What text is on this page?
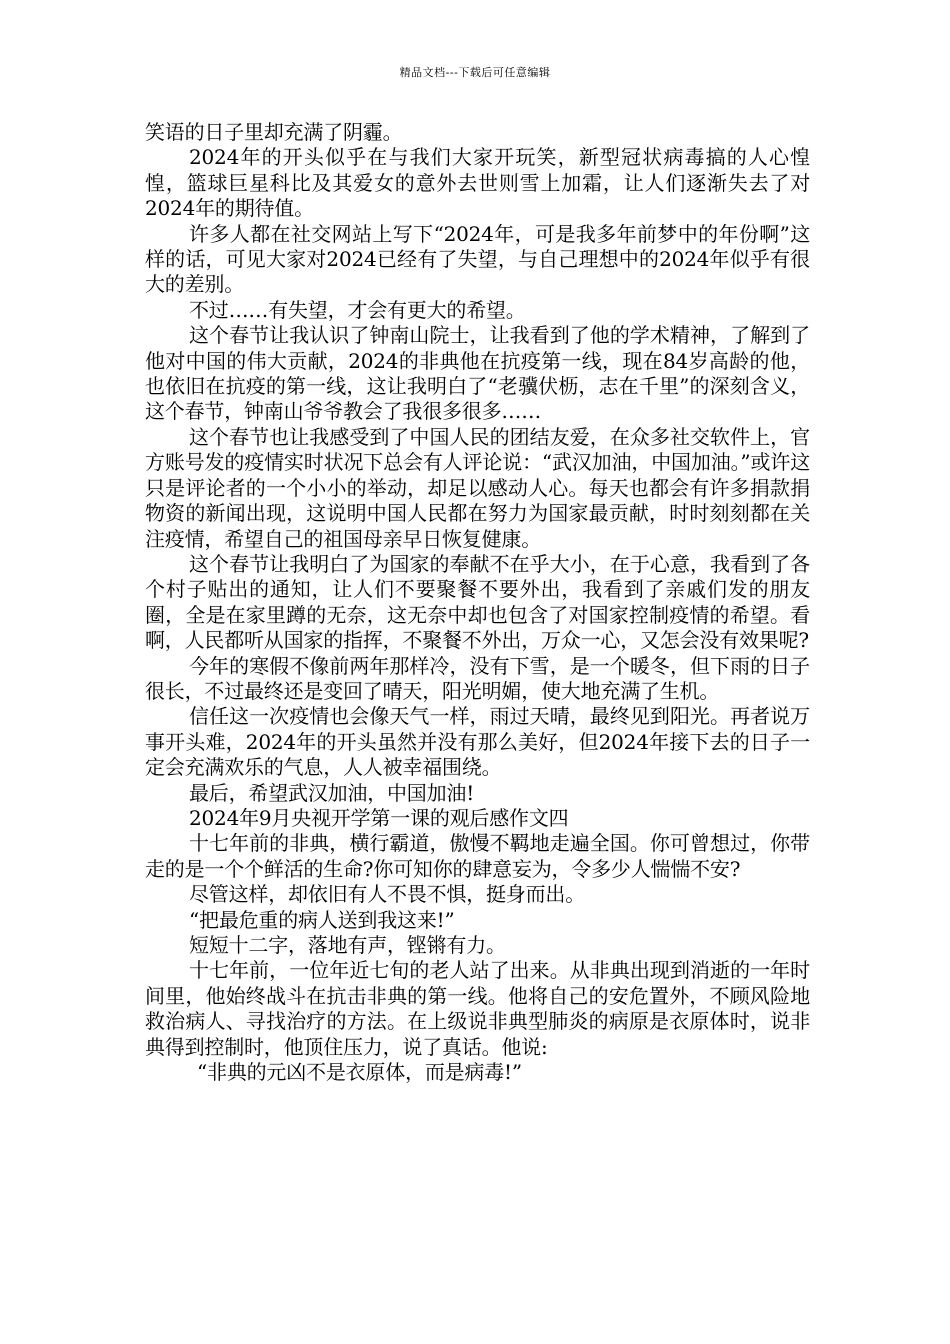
精品文档---下载后可任意编辑

笑语的日子里却充满了阴霾。

2024年的开头似乎在与我们大家开玩笑，新型冠状病毒搞的人心惶惶，篮球巨星科比及其爱女的意外去世则雪上加霜，让人们逐渐失去了对2024年的期待值。

许多人都在社交网站上写下“2024年，可是我多年前梦中的年份啊”这样的话，可见大家对2024已经有了失望，与自己理想中的2024年似乎有很大的差别。

不过……有失望，才会有更大的希望。

这个春节让我认识了钟南山院士，让我看到了他的学术精神，了解到了他对中国的伟大贡献，2024的非典他在抗疫第一线，现在84岁高龄的他，也依旧在抗疫的第一线，这让我明白了“老骥伏枥，志在千里”的深刻含义，这个春节，钟南山爷爷教会了我很多很多……

这个春节也让我感受到了中国人民的团结友爱，在众多社交软件上，官方账号发的疫情实时状况下总会有人评论说：“武汉加油，中国加油。”或许这只是评论者的一个小小的举动，却足以感动人心。每天也都会有许多捐款捐物资的新闻出现，这说明中国人民都在努力为国家最贡献，时时刻刻都在关注疫情，希望自己的祖国母亲早日恢复健康。

这个春节让我明白了为国家的奉献不在乎大小，在于心意，我看到了各个村子贴出的通知，让人们不要聚餐不要外出，我看到了亲戚们发的朋友圈，全是在家里蹲的无奈，这无奈中却也包含了对国家控制疫情的希望。看啊，人民都听从国家的指挥，不聚餐不外出，万众一心，又怎会没有效果呢?

今年的寒假不像前两年那样冷，没有下雪，是一个暖冬，但下雨的日子很长，不过最终还是变回了晴天，阳光明媚，使大地充满了生机。

信任这一次疫情也会像天气一样，雨过天晴，最终见到阳光。再者说万事开头难，2024年的开头虽然并没有那么美好，但2024年接下去的日子一定会充满欢乐的气息，人人被幸福围绕。

最后，希望武汉加油，中国加油!

2024年9月央视开学第一课的观后感作文四

十七年前的非典，横行霸道，傲慢不羁地走遍全国。你可曾想过，你带走的是一个个鲜活的生命?你可知你的肆意妄为，令多少人惴惴不安?

尽管这样，却依旧有人不畏不惧，挺身而出。

“把最危重的病人送到我这来!”

短短十二字，落地有声，铿锵有力。

十七年前，一位年近七旬的老人站了出来。从非典出现到消逝的一年时间里，他始终战斗在抗击非典的第一线。他将自己的安危置外，不顾风险地救治病人、寻找治疗的方法。在上级说非典型肺炎的病原是衣原体时，说非典得到控制时，他顶住压力，说了真话。他说:

“非典的元凶不是衣原体，而是病毒!”
